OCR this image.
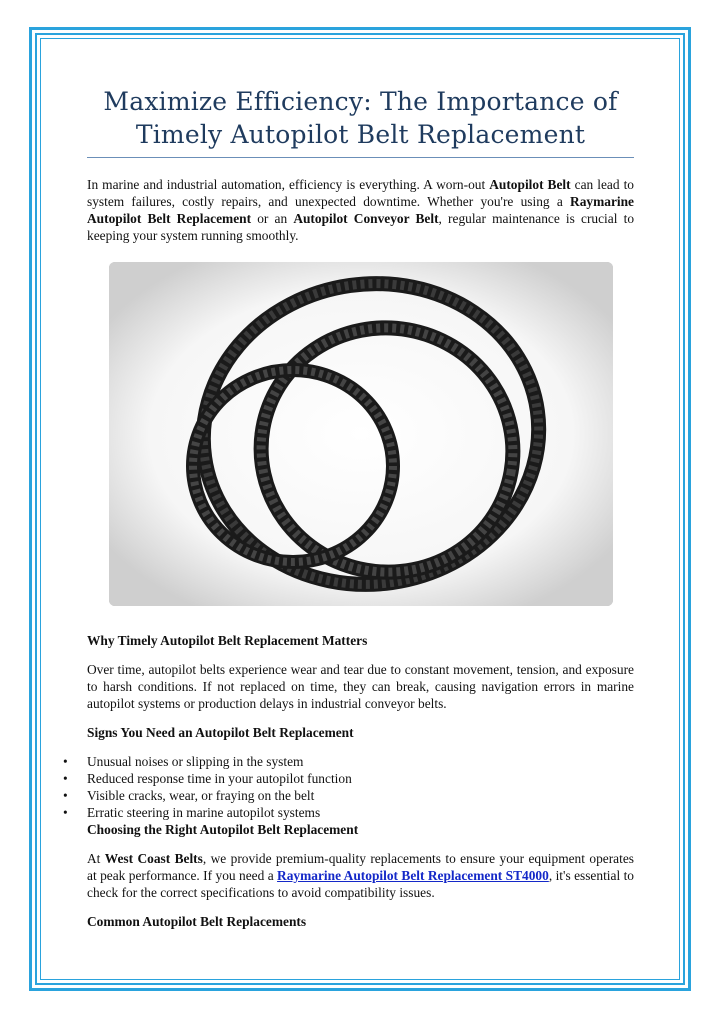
Maximize Efficiency: The Importance of Timely Autopilot Belt Replacement

In marine and industrial automation, efficiency is everything. A worn-out Autopilot Belt can lead to system failures, costly repairs, and unexpected downtime. Whether you're using a Raymarine Autopilot Belt Replacement or an Autopilot Conveyor Belt, regular maintenance is crucial to keeping your system running smoothly.

Why Timely Autopilot Belt Replacement Matters

Over time, autopilot belts experience wear and tear due to constant movement, tension, and exposure to harsh conditions. If not replaced on time, they can break, causing navigation errors in marine autopilot systems or production delays in industrial conveyor belts.

Signs You Need an Autopilot Belt Replacement

• Unusual noises or slipping in the system
• Reduced response time in your autopilot function
• Visible cracks, wear, or fraying on the belt
• Erratic steering in marine autopilot systems

Choosing the Right Autopilot Belt Replacement

At West Coast Belts, we provide premium-quality replacements to ensure your equipment operates at peak performance. If you need a Raymarine Autopilot Belt Replacement ST4000, it's essential to check for the correct specifications to avoid compatibility issues.

Common Autopilot Belt Replacements
